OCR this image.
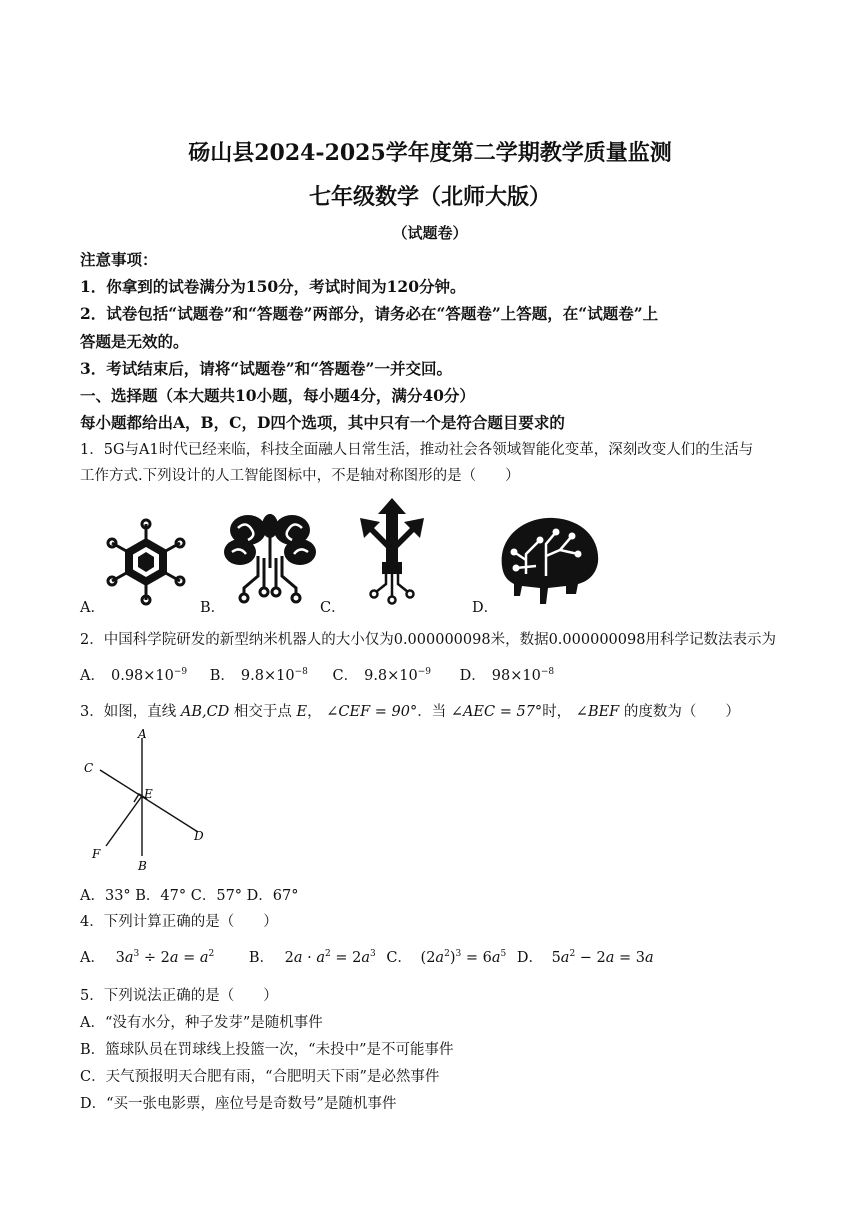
砀山县2024-2025学年度第二学期教学质量监测
七年级数学（北师大版）
（试题卷）
注意事项：
1．你拿到的试卷满分为150分，考试时间为120分钟。
2．试卷包括“试题卷”和“答题卷”两部分，请务必在“答题卷”上答题，在“试题卷”上
答题是无效的。
3．考试结束后，请将“试题卷”和“答题卷”一并交回。
一、选择题（本大题共10小题，每小题4分，满分40分）
每小题都给出A，B，C，D四个选项，其中只有一个是符合题目要求的
1．5G与A1时代已经来临，科技全面融人日常生活，推动社会各领域智能化变革，深刻改变人们的生活与
工作方式.下列设计的人工智能图标中，不是轴对称图形的是（　　）
A．	B．	C．	D．
2．中国科学院研发的新型纳米机器人的大小仅为0.000000098米，数据0.000000098用科学记数法表示为
A． $0.98\times 10^{-9}$ B． $9.8\times 10^{-8}$ C． $9.8\times 10^{-9}$ D． $98\times 10^{-8}$
3．如图，直线 AB,CD 相交于点 E， ∠CEF = 90°．当 ∠AEC = 57°时， ∠BEF 的度数为（　　）
A
B
C
D
E
F
A．33° B．47° C．57° D．67°
4．下列计算正确的是（　　）
A． $3a^3 \div 2a = a^2$ B． $2a \cdot a^2 = 2a^3$ C． $(2a^2)^3 = 6a^5$ D． $5a^2 - 2a = 3a$
5．下列说法正确的是（　　）
A．“没有水分，种子发芽”是随机事件
B．篮球队员在罚球线上投篮一次，“未投中”是不可能事件
C．天气预报明天合肥有雨，“合肥明天下雨”是必然事件
D．“买一张电影票，座位号是奇数号”是随机事件
